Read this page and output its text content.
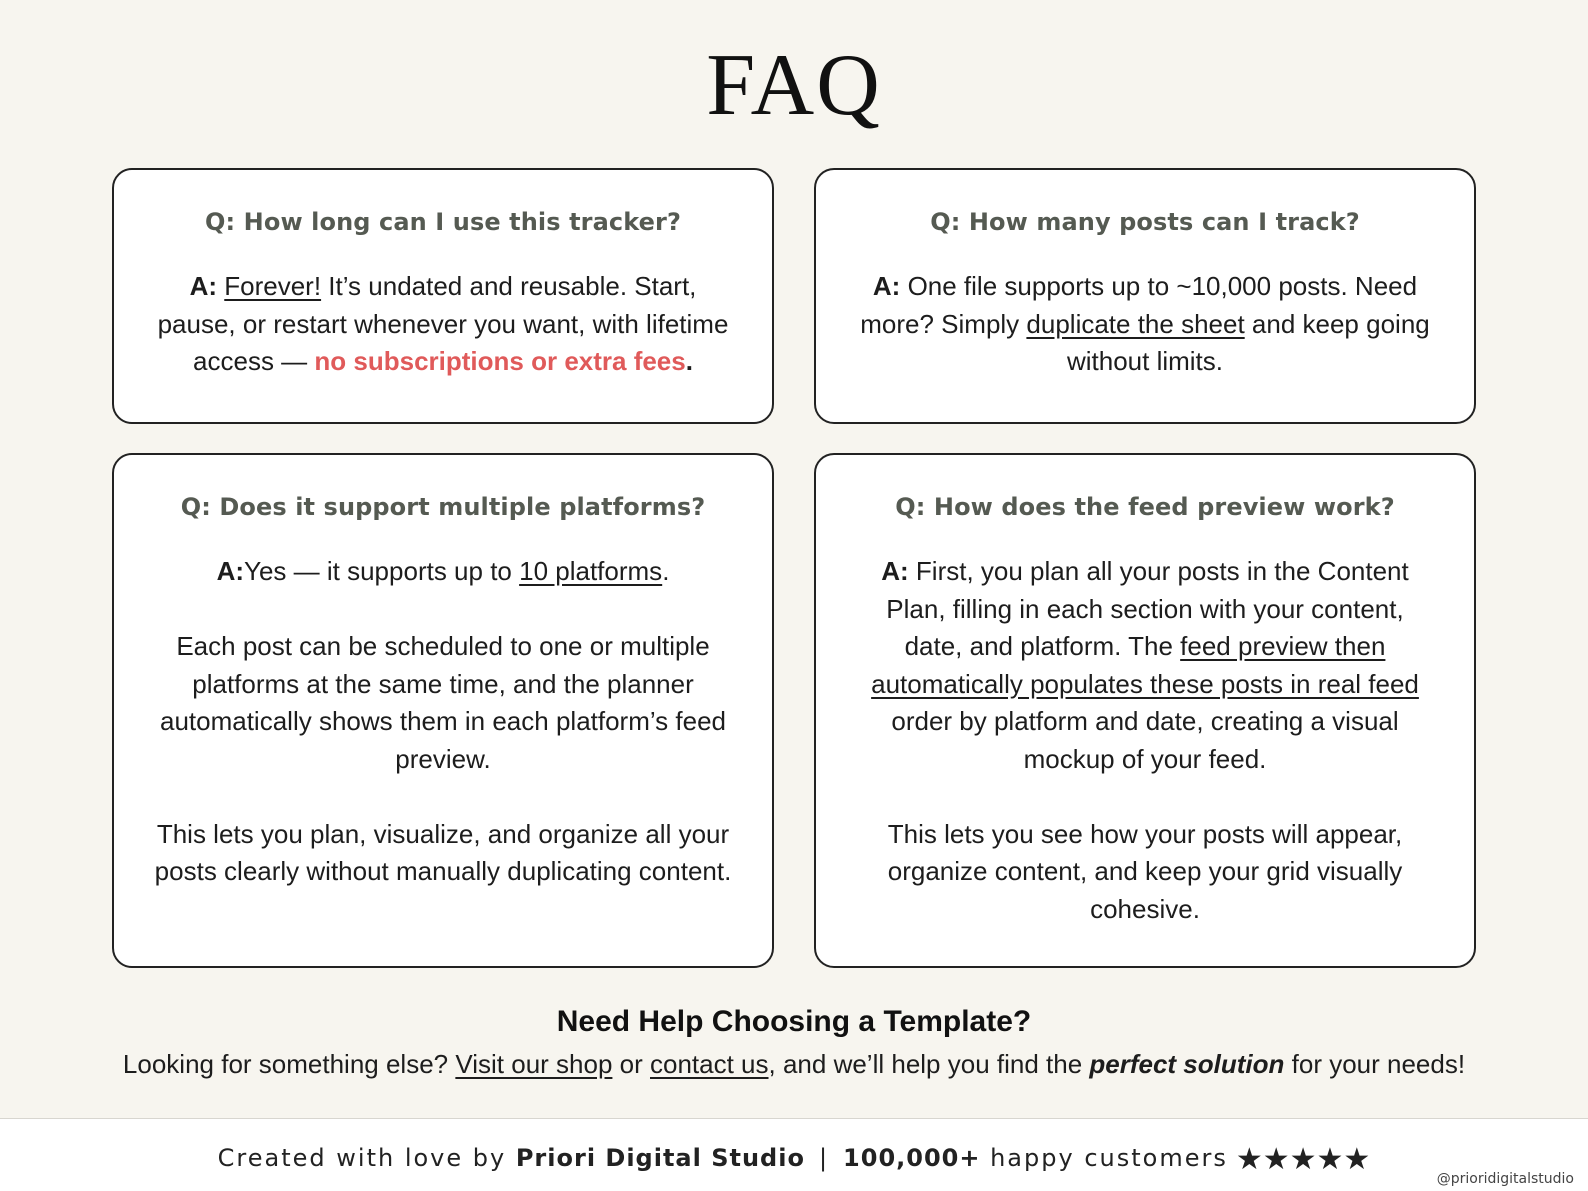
FAQ
Q: How long can I use this tracker?
A: Forever! It’s undated and reusable. Start, pause, or restart whenever you want, with lifetime access — no subscriptions or extra fees.
Q: How many posts can I track?
A: One file supports up to ~10,000 posts. Need more? Simply duplicate the sheet and keep going without limits.
Q: Does it support multiple platforms?
A:Yes — it supports up to 10 platforms.
Each post can be scheduled to one or multiple platforms at the same time, and the planner automatically shows them in each platform’s feed preview.
This lets you plan, visualize, and organize all your posts clearly without manually duplicating content.
Q: How does the feed preview work?
A: First, you plan all your posts in the Content Plan, filling in each section with your content, date, and platform. The feed preview then automatically populates these posts in real feed order by platform and date, creating a visual mockup of your feed.
This lets you see how your posts will appear, organize content, and keep your grid visually cohesive.
Need Help Choosing a Template?
Looking for something else? Visit our shop or contact us, and we’ll help you find the perfect solution for your needs!
Created with love by Priori Digital Studio | 100,000+ happy customers ★★★★★
@prioridigitalstudio
